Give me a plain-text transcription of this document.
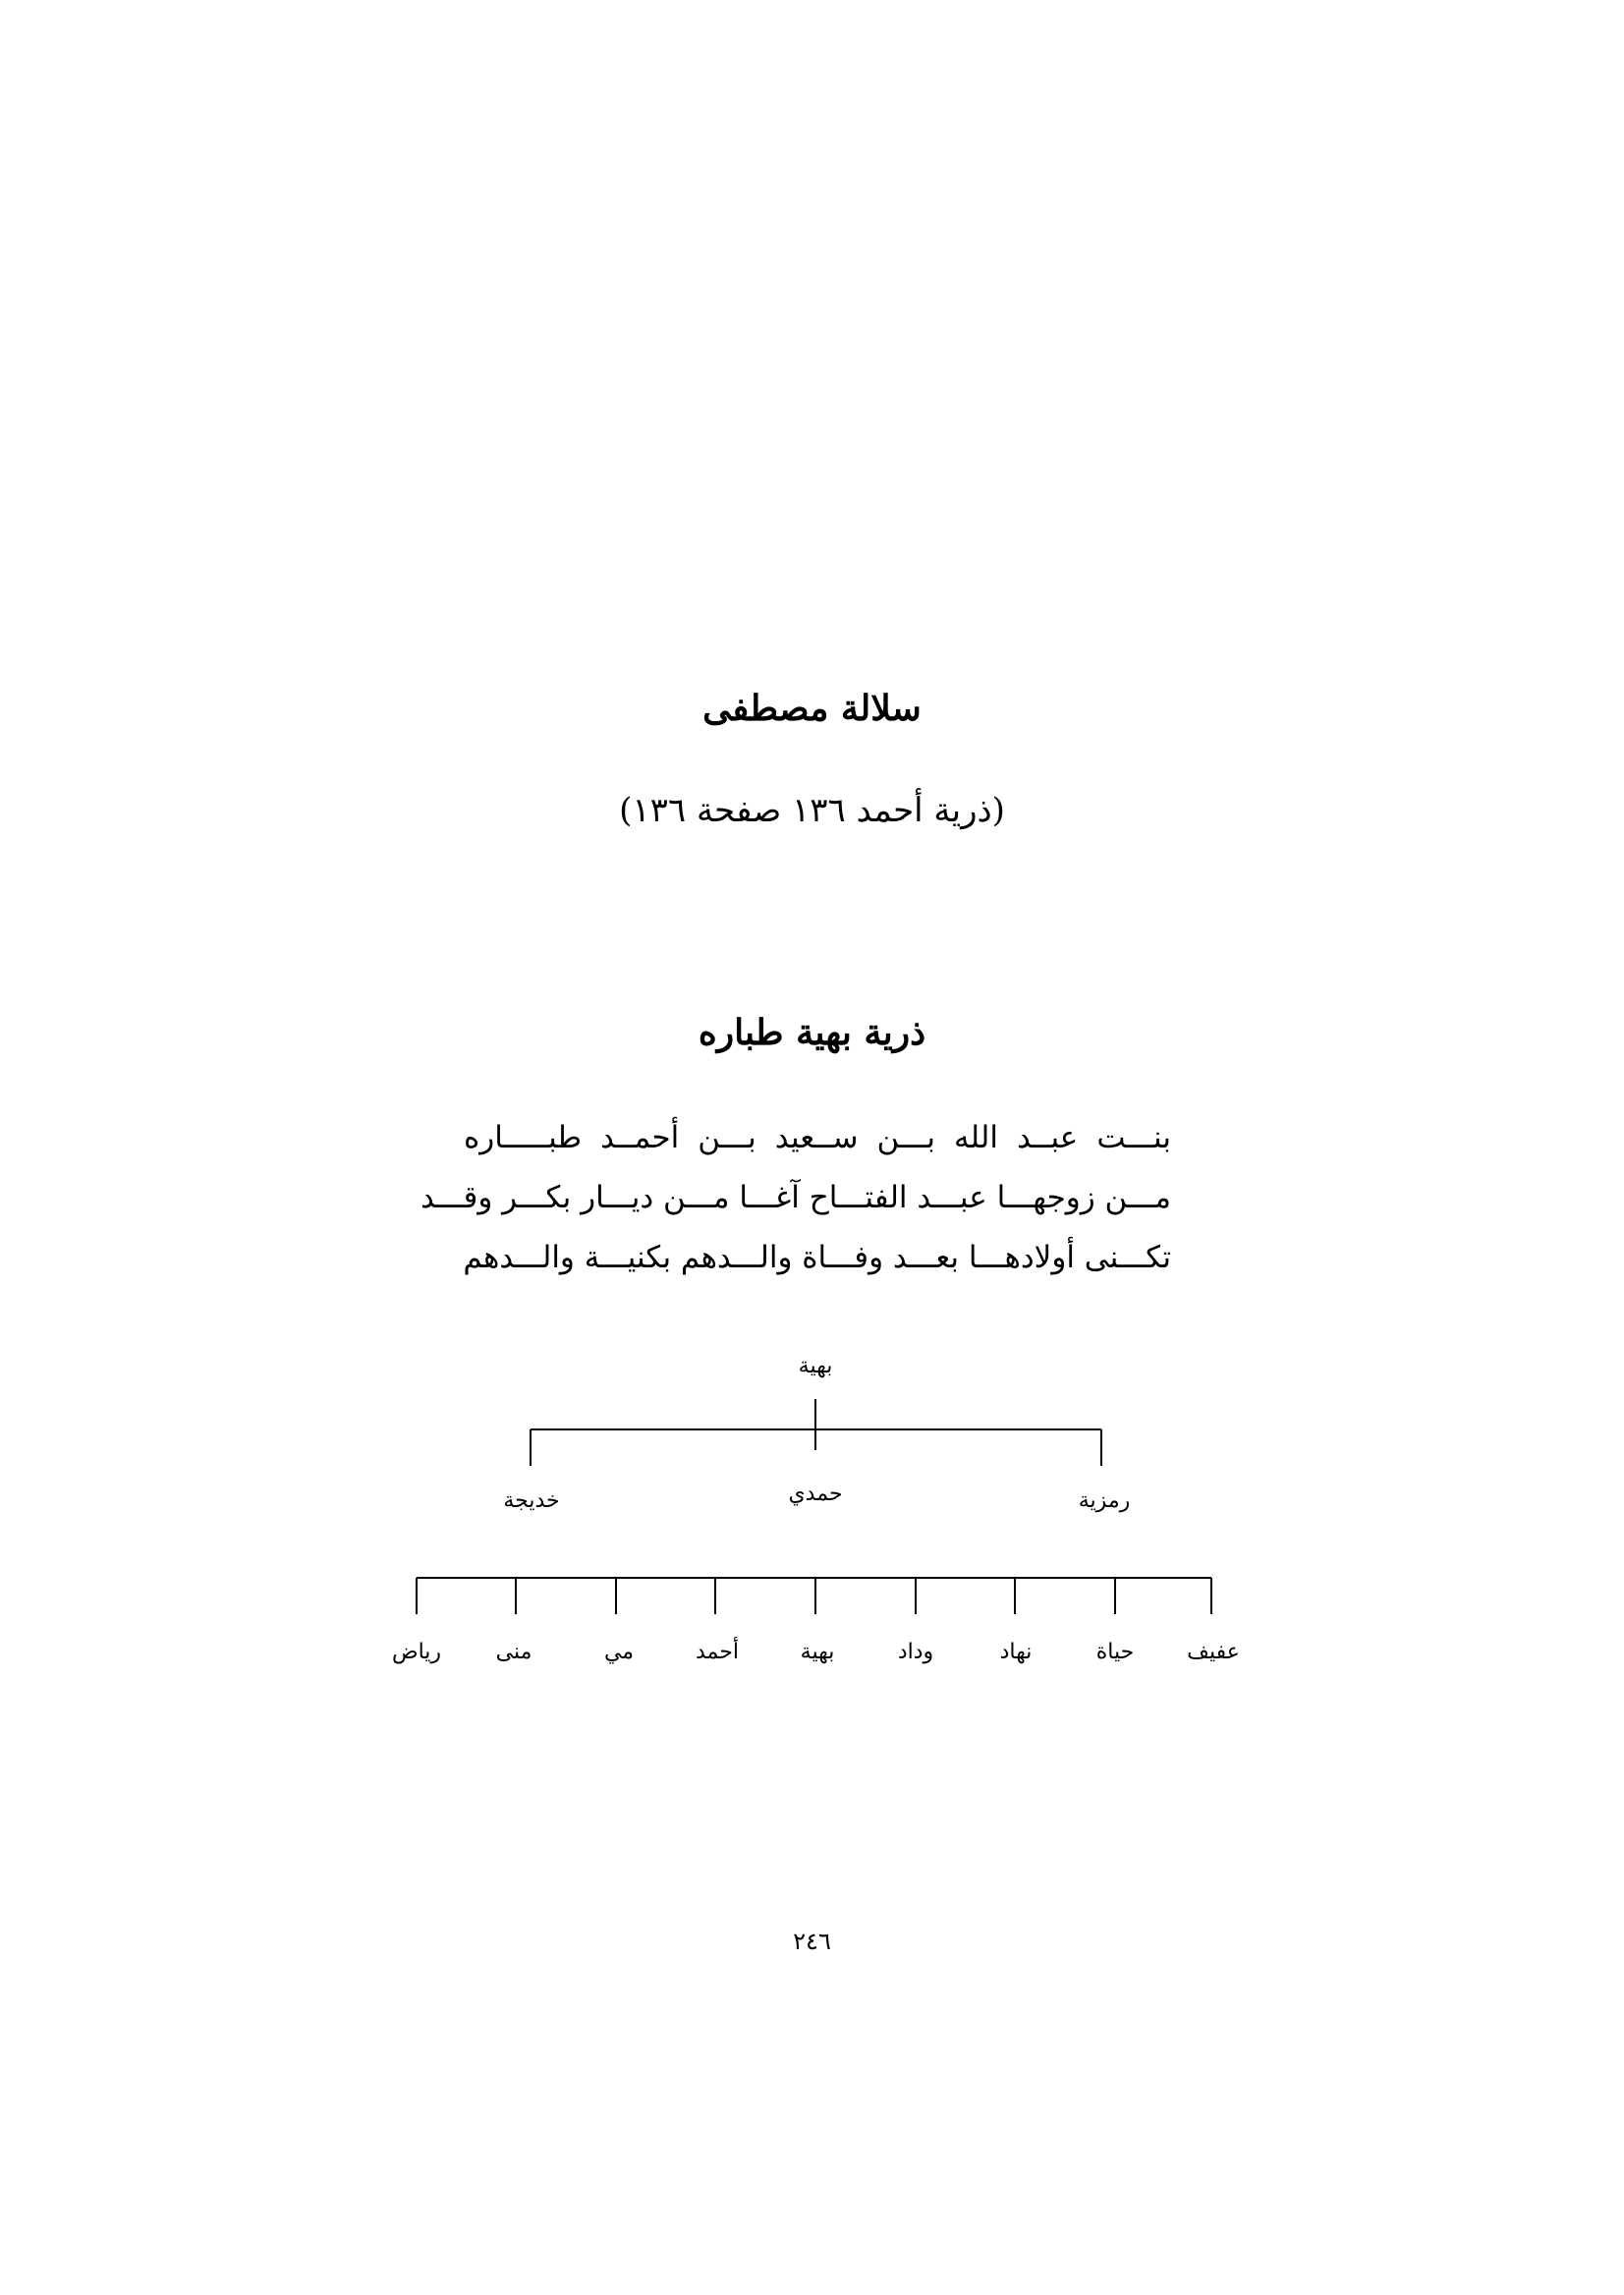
سلالة مصطفى
(ذرية أحمد ١٣٦ صفحة ١٣٦)
ذرية بهية طباره
بنـــت عبــد الله بـــن ســعيد بـــن أحمــد طبـــــاره
مـــن زوجهـــا عبـــد الفتـــاح آغـــا مـــن ديـــار بكـــر وقـــد
تكـــنى أولادهـــا بعـــد وفـــاة والـــدهم بكنيـــة والـــدهم
بهية
رمزية
حمدي
خديجة
عفيف
حياة
نهاد
وداد
بهية
أحمد
مي
منى
رياض
٢٤٦
